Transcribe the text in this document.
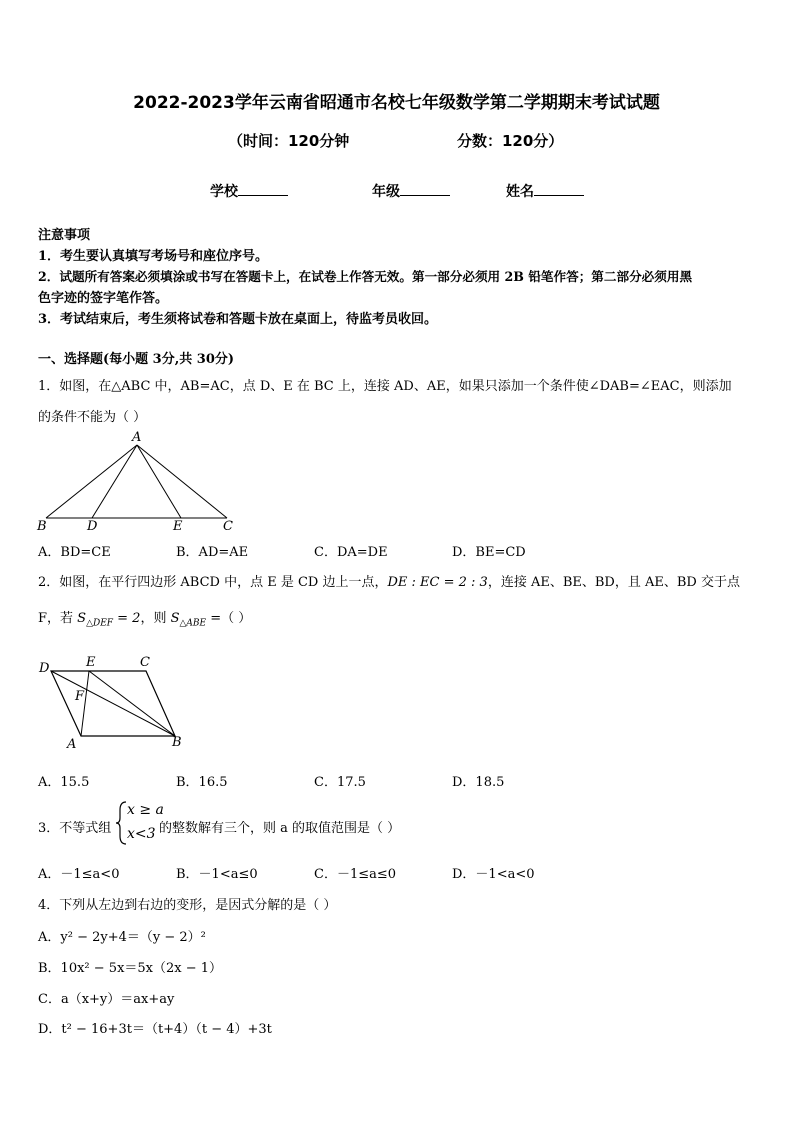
2022-2023学年云南省昭通市名校七年级数学第二学期期末考试试题
（时间：120分钟	分数：120分）
学校	年级	姓名
注意事项
1．考生要认真填写考场号和座位序号。
2．试题所有答案必须填涂或书写在答题卡上，在试卷上作答无效。第一部分必须用 2B 铅笔作答；第二部分必须用黑
色字迹的签字笔作答。
3．考试结束后，考生须将试卷和答题卡放在桌面上，待监考员收回。
一、选择题(每小题 3分,共 30分)
1．如图，在△ABC 中，AB=AC，点 D、E 在 BC 上，连接 AD、AE，如果只添加一个条件使∠DAB=∠EAC，则添加
的条件不能为（ ）
A
B	D	E	C
A．BD=CE	B．AD=AE	C．DA=DE	D．BE=CD
2．如图，在平行四边形 ABCD 中，点 E 是 CD 边上一点，DE : EC = 2 : 3，连接 AE、BE、BD，且 AE、BD 交于点
F，若 $S_{\triangle DEF} = 2$，则 $S_{\triangle ABE}$ =（ ）
D	E	C
F
A	B
A．15.5	B．16.5	C．17.5	D．18.5
3．不等式组
x ≥ a
x<3 的整数解有三个，则 a 的取值范围是（ ）
A．－1≤a<0	B．－1<a≤0	C．－1≤a≤0	D．－1<a<0
4．下列从左边到右边的变形，是因式分解的是（ ）
A．y² − 2y+4＝（y − 2）²
B．10x² − 5x＝5x（2x − 1）
C．a（x+y）＝ax+ay
D．t² − 16+3t＝（t+4）（t − 4）+3t
